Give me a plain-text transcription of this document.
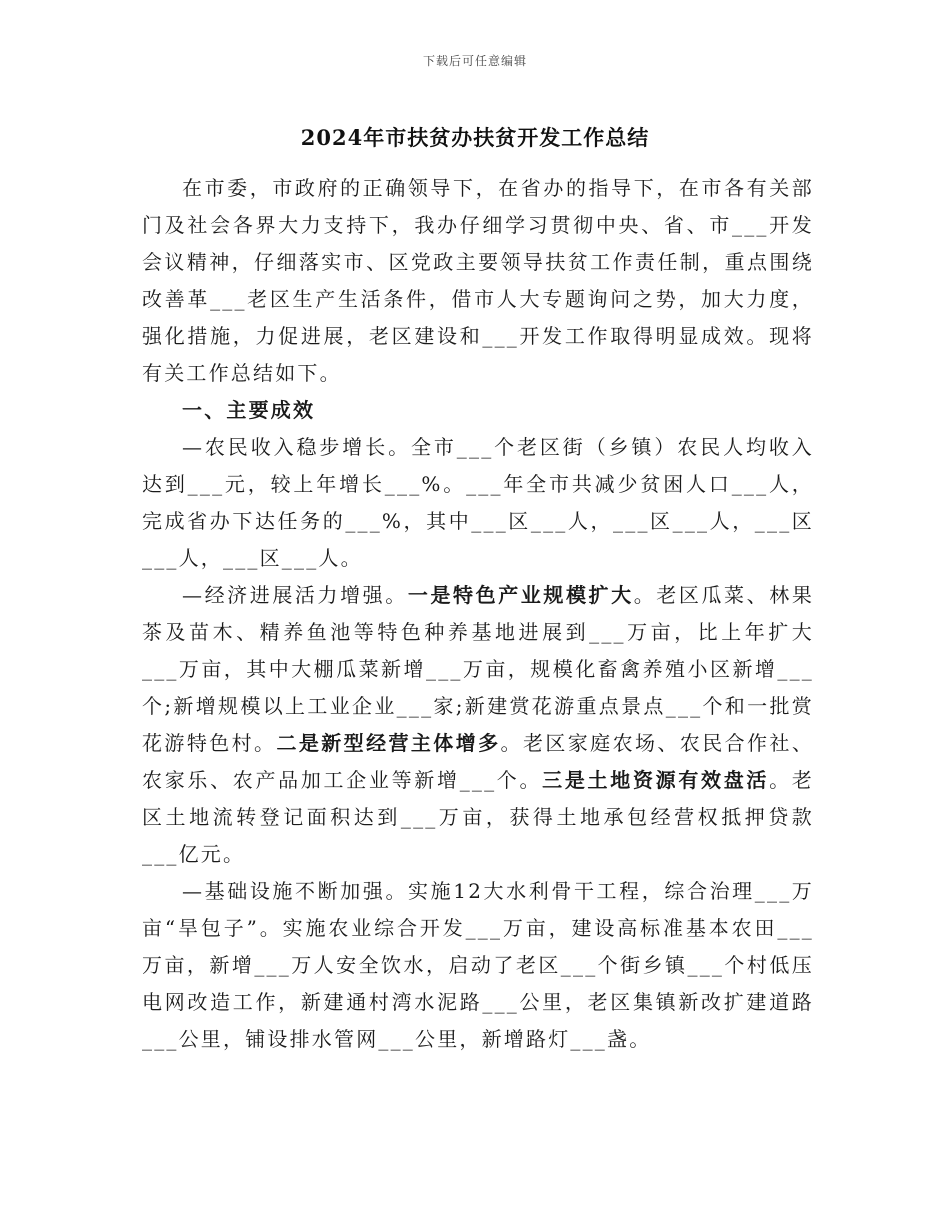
下载后可任意编辑
2024年市扶贫办扶贫开发工作总结

在市委，市政府的正确领导下，在省办的指导下，在市各有关部门及社会各界大力支持下，我办仔细学习贯彻中央、省、市___开发会议精神，仔细落实市、区党政主要领导扶贫工作责任制，重点围绕改善革___老区生产生活条件，借市人大专题询问之势，加大力度，强化措施，力促进展，老区建设和___开发工作取得明显成效。现将有关工作总结如下。

一、主要成效

—农民收入稳步增长。全市___个老区街（乡镇）农民人均收入达到___元，较上年增长___%。___年全市共减少贫困人口___人，完成省办下达任务的___%，其中___区___人，___区___人，___区___人，___区___人。

—经济进展活力增强。一是特色产业规模扩大。老区瓜菜、林果茶及苗木、精养鱼池等特色种养基地进展到___万亩，比上年扩大___万亩，其中大棚瓜菜新增___万亩，规模化畜禽养殖小区新增___个;新增规模以上工业企业___家;新建赏花游重点景点___个和一批赏花游特色村。二是新型经营主体增多。老区家庭农场、农民合作社、农家乐、农产品加工企业等新增___个。三是土地资源有效盘活。老区土地流转登记面积达到___万亩，获得土地承包经营权抵押贷款___亿元。

—基础设施不断加强。实施12大水利骨干工程，综合治理___万亩“旱包子”。实施农业综合开发___万亩，建设高标准基本农田___万亩，新增___万人安全饮水，启动了老区___个街乡镇___个村低压电网改造工作，新建通村湾水泥路___公里，老区集镇新改扩建道路___公里，铺设排水管网___公里，新增路灯___盏。
